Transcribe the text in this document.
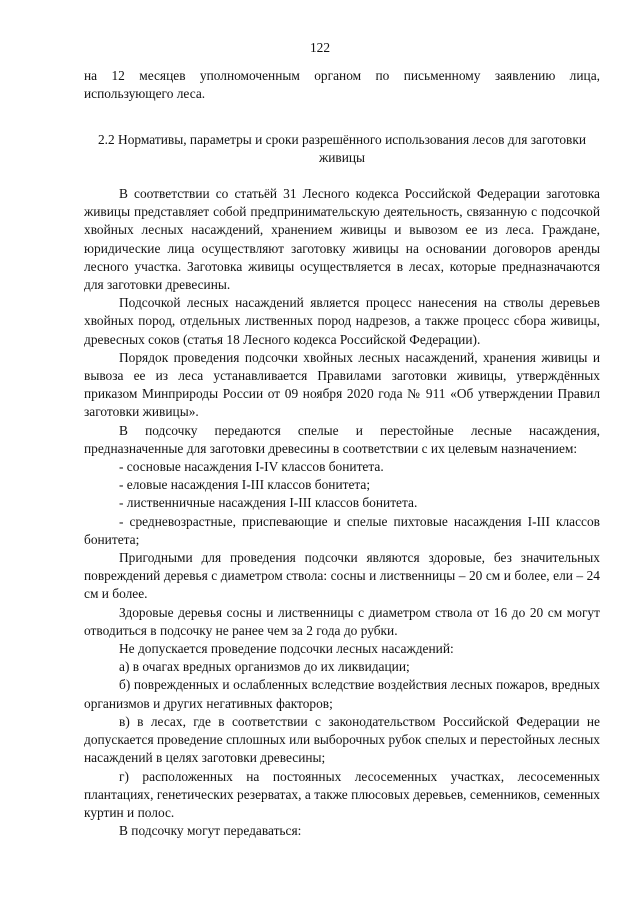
122

на 12 месяцев уполномоченным органом по письменному заявлению лица, использующего леса.

2.2 Нормативы, параметры и сроки разрешённого использования лесов для заготовки живицы

В соответствии со статьёй 31 Лесного кодекса Российской Федерации заготовка живицы представляет собой предпринимательскую деятельность, связанную с подсочкой хвойных лесных насаждений, хранением живицы и вывозом ее из леса. Граждане, юридические лица осуществляют заготовку живицы на основании договоров аренды лесного участка. Заготовка живицы осуществляется в лесах, которые предназначаются для заготовки древесины.

Подсочкой лесных насаждений является процесс нанесения на стволы деревьев хвойных пород, отдельных лиственных пород надрезов, а также процесс сбора живицы, древесных соков (статья 18 Лесного кодекса Российской Федерации).

Порядок проведения подсочки хвойных лесных насаждений, хранения живицы и вывоза ее из леса устанавливается Правилами заготовки живицы, утверждённых приказом Минприроды России от 09 ноября 2020 года № 911 «Об утверждении Правил заготовки живицы».

В подсочку передаются спелые и перестойные лесные насаждения, предназначенные для заготовки древесины в соответствии с их целевым назначением:

- сосновые насаждения I-IV классов бонитета.

- еловые насаждения I-III классов бонитета;

- лиственничные насаждения I-III классов бонитета.

- средневозрастные, приспевающие и спелые пихтовые насаждения I-III классов бонитета;

Пригодными для проведения подсочки являются здоровые, без значительных повреждений деревья с диаметром ствола: сосны и лиственницы – 20 см и более, ели – 24 см и более.

Здоровые деревья сосны и лиственницы с диаметром ствола от 16 до 20 см могут отводиться в подсочку не ранее чем за 2 года до рубки.

Не допускается проведение подсочки лесных насаждений:

а) в очагах вредных организмов до их ликвидации;

б) поврежденных и ослабленных вследствие воздействия лесных пожаров, вредных организмов и других негативных факторов;

в) в лесах, где в соответствии с законодательством Российской Федерации не допускается проведение сплошных или выборочных рубок спелых и перестойных лесных насаждений в целях заготовки древесины;

г) расположенных на постоянных лесосеменных участках, лесосеменных плантациях, генетических резерватах, а также плюсовых деревьев, семенников, семенных куртин и полос.

В подсочку могут передаваться:
